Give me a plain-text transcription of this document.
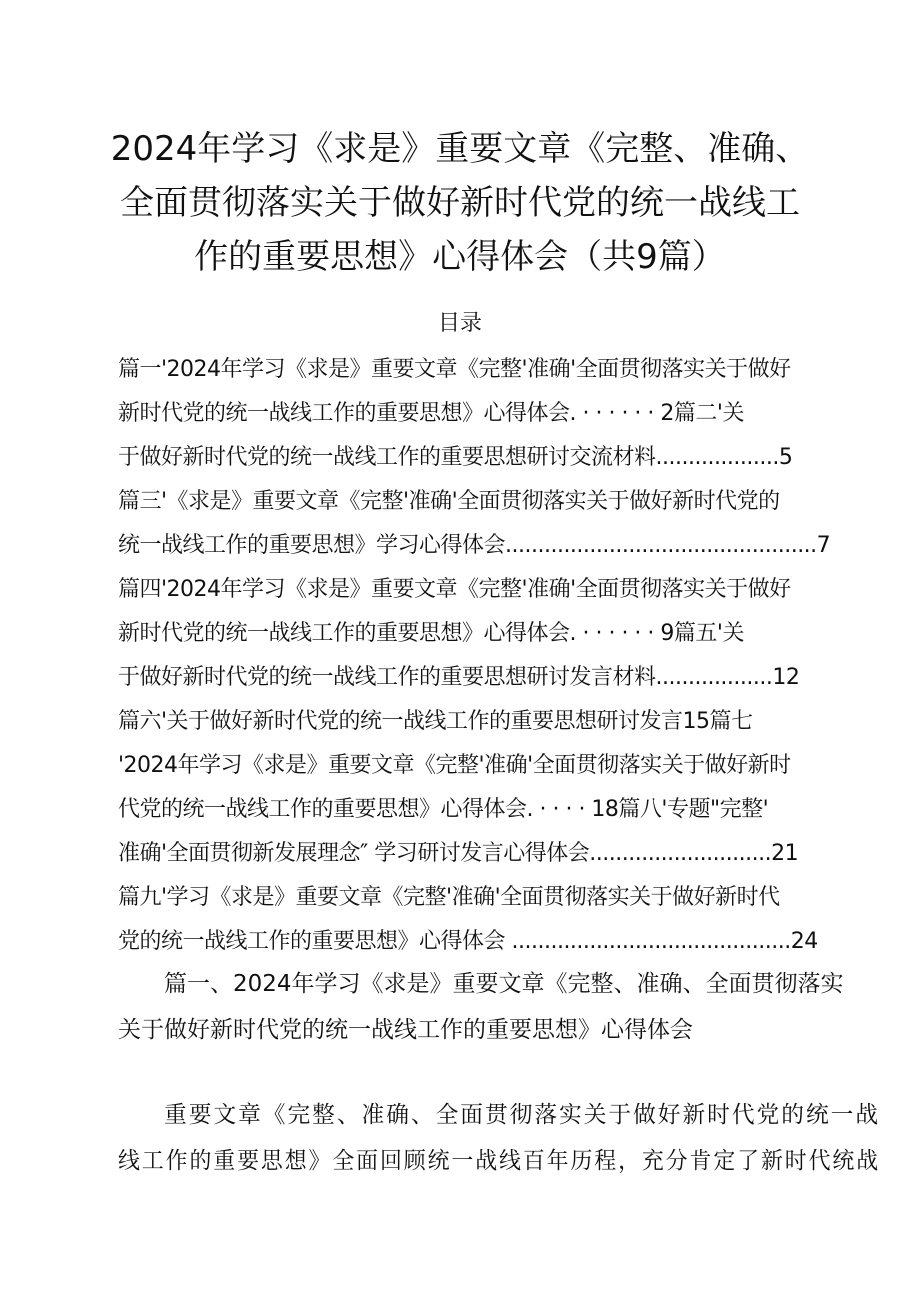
2024年学习《求是》重要文章《完整、准确、
全面贯彻落实关于做好新时代党的统一战线工
作的重要思想》心得体会（共9篇）
目录
篇一'2024年学习《求是》重要文章《完整'准确'全面贯彻落实关于做好
新时代党的统一战线工作的重要思想》心得体会. · · · · · · 2篇二'关
于做好新时代党的统一战线工作的重要思想研讨交流材料...................5
篇三'《求是》重要文章《完整'准确'全面贯彻落实关于做好新时代党的
统一战线工作的重要思想》学习心得体会................................................7
篇四'2024年学习《求是》重要文章《完整'准确'全面贯彻落实关于做好
新时代党的统一战线工作的重要思想》心得体会. · · · · · · 9篇五'关
于做好新时代党的统一战线工作的重要思想研讨发言材料..................12
篇六'关于做好新时代党的统一战线工作的重要思想研讨发言15篇七
'2024年学习《求是》重要文章《完整'准确'全面贯彻落实关于做好新时
代党的统一战线工作的重要思想》心得体会. · · · · 18篇八'专题"完整'
准确'全面贯彻新发展理念″ 学习研讨发言心得体会............................21
篇九'学习《求是》重要文章《完整'准确'全面贯彻落实关于做好新时代
党的统一战线工作的重要思想》心得体会 ...........................................24
篇一、2024年学习《求是》重要文章《完整、准确、全面贯彻落实
关于做好新时代党的统一战线工作的重要思想》心得体会
重要文章《完整、准确、全面贯彻落实关于做好新时代党的统一战
线工作的重要思想》全面回顾统一战线百年历程，充分肯定了新时代统战
